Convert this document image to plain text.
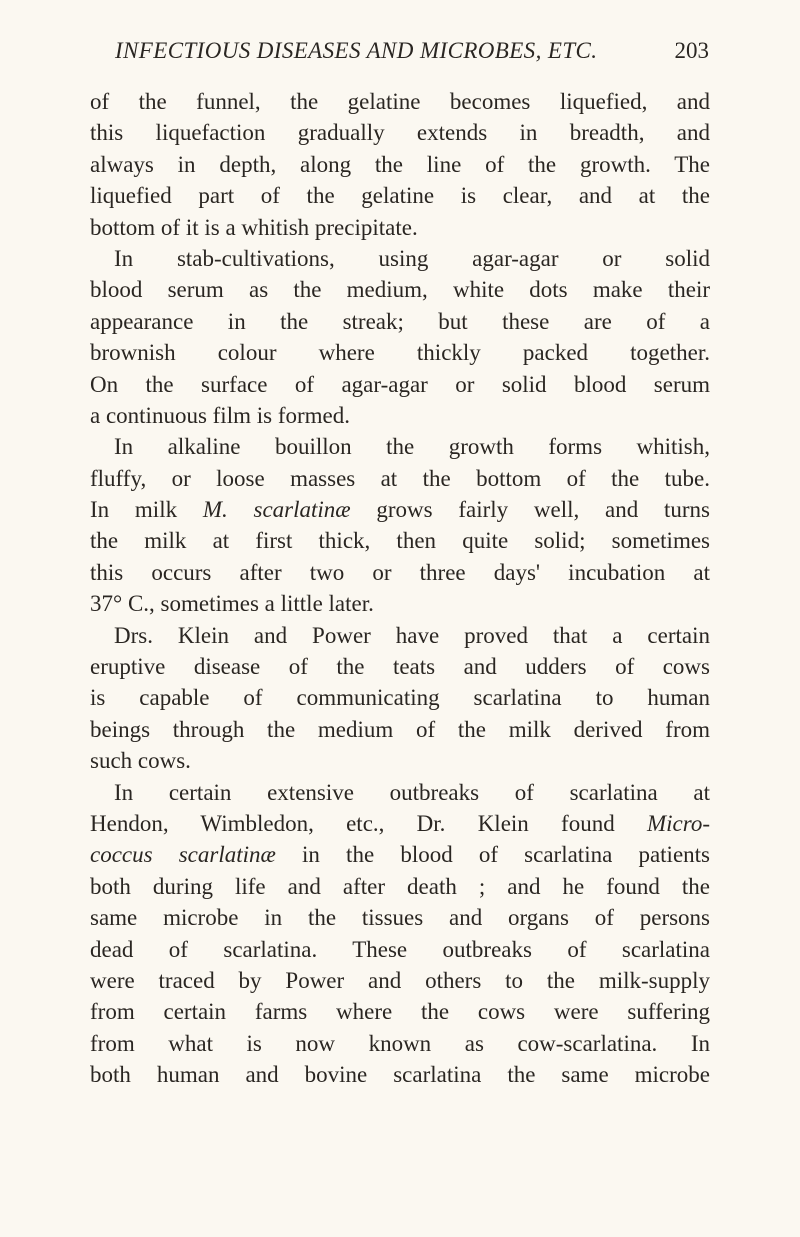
INFECTIOUS DISEASES AND MICROBES, ETC.	203
of the funnel, the gelatine becomes liquefied, and
this liquefaction gradually extends in breadth, and
always in depth, along the line of the growth. The
liquefied part of the gelatine is clear, and at the
bottom of it is a whitish precipitate.
In stab-cultivations, using agar-agar or solid
blood serum as the medium, white dots make their
appearance in the streak; but these are of a
brownish colour where thickly packed together.
On the surface of agar-agar or solid blood serum
a continuous film is formed.
In alkaline bouillon the growth forms whitish,
fluffy, or loose masses at the bottom of the tube.
In milk M. scarlatinæ grows fairly well, and turns
the milk at first thick, then quite solid; sometimes
this occurs after two or three days' incubation at
37° C., sometimes a little later.
Drs. Klein and Power have proved that a certain
eruptive disease of the teats and udders of cows
is capable of communicating scarlatina to human
beings through the medium of the milk derived from
such cows.
In certain extensive outbreaks of scarlatina at
Hendon, Wimbledon, etc., Dr. Klein found Micro-
coccus scarlatinæ in the blood of scarlatina patients
both during life and after death ; and he found the
same microbe in the tissues and organs of persons
dead of scarlatina. These outbreaks of scarlatina
were traced by Power and others to the milk-supply
from certain farms where the cows were suffering
from what is now known as cow-scarlatina. In
both human and bovine scarlatina the same microbe
